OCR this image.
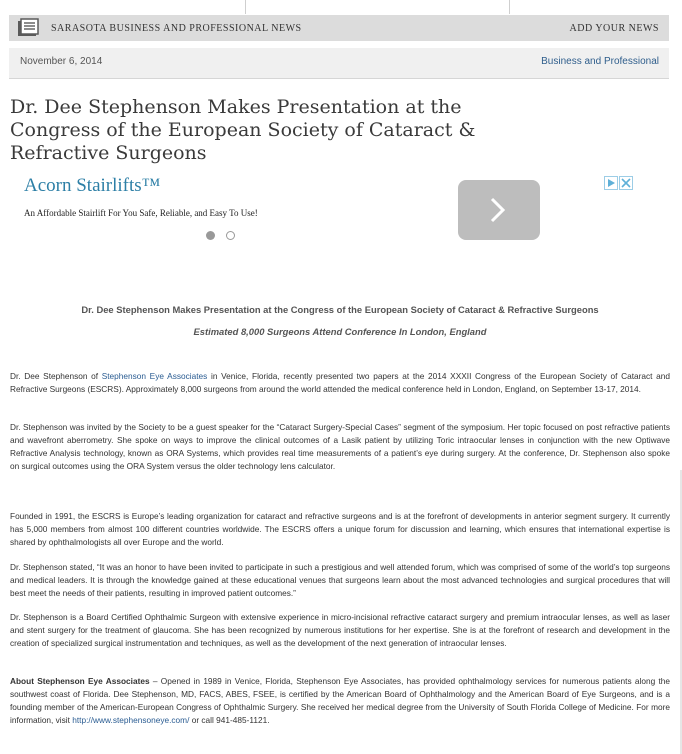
SARASOTA BUSINESS AND PROFESSIONAL NEWS	ADD YOUR NEWS
November 6, 2014	Business and Professional
Dr. Dee Stephenson Makes Presentation at the Congress of the European Society of Cataract & Refractive Surgeons
Acorn Stairlifts™
An Affordable Stairlift For You Safe, Reliable, and Easy To Use!

Dr. Dee Stephenson Makes Presentation at the Congress of the European Society of Cataract & Refractive Surgeons

Estimated 8,000 Surgeons Attend Conference In London, England

Dr. Dee Stephenson of Stephenson Eye Associates in Venice, Florida, recently presented two papers at the 2014 XXXII Congress of the European Society of Cataract and Refractive Surgeons (ESCRS). Approximately 8,000 surgeons from around the world attended the medical conference held in London, England, on September 13-17, 2014.

Dr. Stephenson was invited by the Society to be a guest speaker for the “Cataract Surgery-Special Cases” segment of the symposium. Her topic focused on post refractive patients and wavefront aberrometry. She spoke on ways to improve the clinical outcomes of a Lasik patient by utilizing Toric intraocular lenses in conjunction with the new Optiwave Refractive Analysis technology, known as ORA Systems, which provides real time measurements of a patient’s eye during surgery. At the conference, Dr. Stephenson also spoke on surgical outcomes using the ORA System versus the older technology lens calculator.

Founded in 1991, the ESCRS is Europe’s leading organization for cataract and refractive surgeons and is at the forefront of developments in anterior segment surgery. It currently has 5,000 members from almost 100 different countries worldwide. The ESCRS offers a unique forum for discussion and learning, which ensures that international expertise is shared by ophthalmologists all over Europe and the world.

Dr. Stephenson stated, “It was an honor to have been invited to participate in such a prestigious and well attended forum, which was comprised of some of the world’s top surgeons and medical leaders. It is through the knowledge gained at these educational venues that surgeons learn about the most advanced technologies and surgical procedures that will best meet the needs of their patients, resulting in improved patient outcomes.”

Dr. Stephenson is a Board Certified Ophthalmic Surgeon with extensive experience in micro-incisional refractive cataract surgery and premium intraocular lenses, as well as laser and stent surgery for the treatment of glaucoma. She has been recognized by numerous institutions for her expertise. She is at the forefront of research and development in the creation of specialized surgical instrumentation and techniques, as well as the development of the next generation of intraocular lenses.

About Stephenson Eye Associates – Opened in 1989 in Venice, Florida, Stephenson Eye Associates, has provided ophthalmology services for numerous patients along the southwest coast of Florida. Dee Stephenson, MD, FACS, ABES, FSEE, is certified by the American Board of Ophthalmology and the American Board of Eye Surgeons, and is a founding member of the American-European Congress of Ophthalmic Surgery. She received her medical degree from the University of South Florida College of Medicine. For more information, visit http://www.stephensoneye.com/ or call 941-485-1121.
